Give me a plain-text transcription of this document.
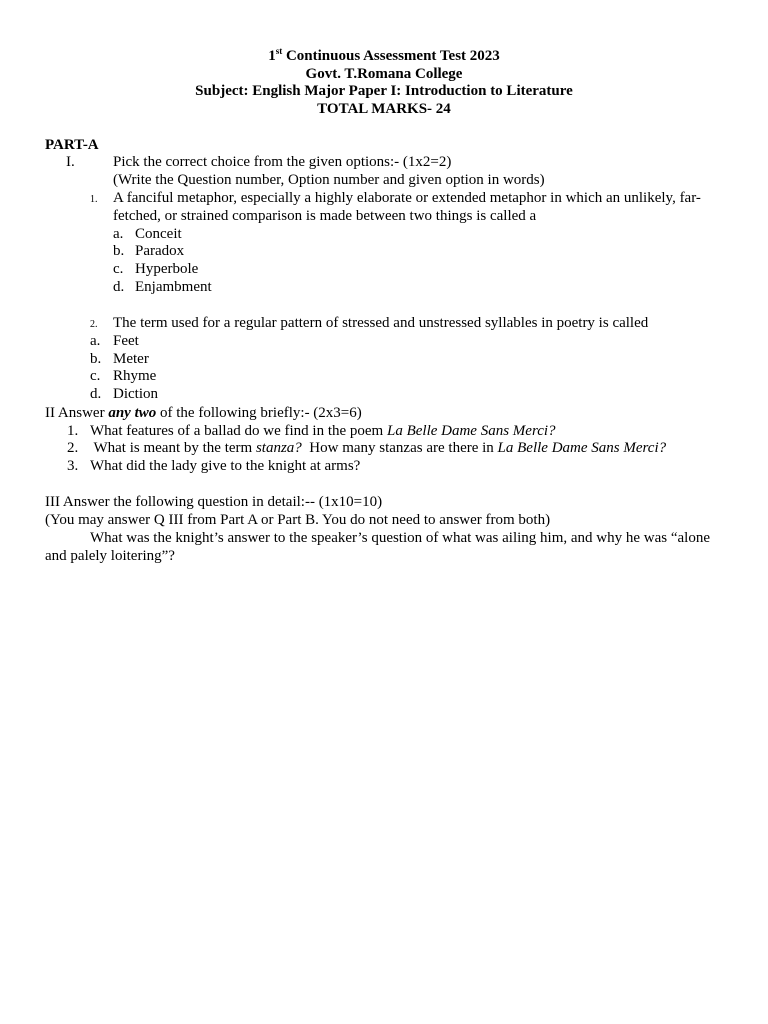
1st Continuous Assessment Test 2023
Govt. T.Romana College
Subject: English Major Paper I: Introduction to Literature
TOTAL MARKS- 24
PART-A
I.	Pick the correct choice from the given options:- (1x2=2)
(Write the Question number, Option number and given option in words)
1. A fanciful metaphor, especially a highly elaborate or extended metaphor in which an unlikely, far-
fetched, or strained comparison is made between two things is called a
a. Conceit
b. Paradox
c. Hyperbole
d. Enjambment
2. The term used for a regular pattern of stressed and unstressed syllables in poetry is called
a. Feet
b. Meter
c. Rhyme
d. Diction
II Answer any two of the following briefly:- (2x3=6)
1. What features of a ballad do we find in the poem La Belle Dame Sans Merci?
2. What is meant by the term stanza?  How many stanzas are there in La Belle Dame Sans Merci?
3. What did the lady give to the knight at arms?
III Answer the following question in detail:-- (1x10=10)
(You may answer Q III from Part A or Part B. You do not need to answer from both)
What was the knight’s answer to the speaker’s question of what was ailing him, and why he was “alone
and palely loitering”?
